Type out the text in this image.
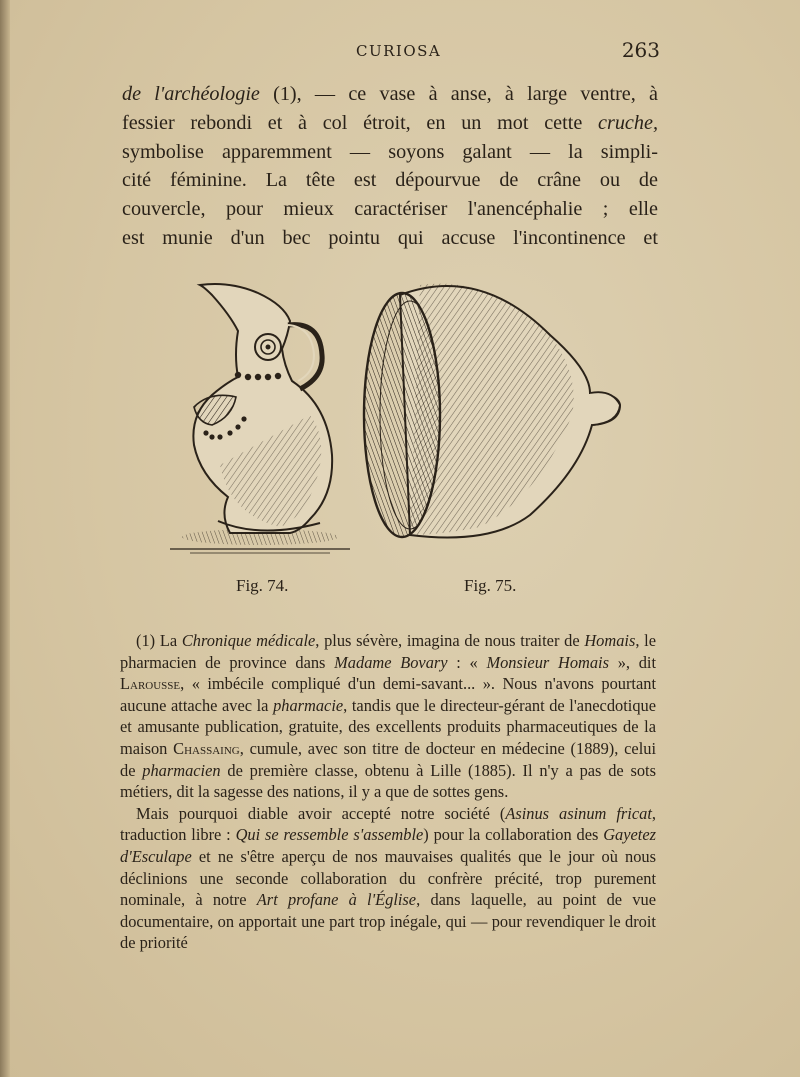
CURIOSA	263

de l'archéologie (1), — ce vase à anse, à large ventre, à

fessier rebondi et à col étroit, en un mot cette cruche,

symbolise apparemment — soyons galant — la simpli-

cité féminine. La tête est dépourvue de crâne ou de

couvercle, pour mieux caractériser l'anencéphalie ; elle

est munie d'un bec pointu qui accuse l'incontinence et

Fig. 74.	Fig. 75.

(1) La Chronique médicale, plus sévère, imagina de nous traiter de Homais, le pharmacien de province dans Madame Bovary : « Monsieur Homais », dit Larousse, « imbécile compliqué d'un demi-savant... ». Nous n'avons pourtant aucune attache avec la pharmacie, tandis que le directeur-gérant de l'anecdotique et amusante publication, gratuite, des excellents produits pharmaceutiques de la maison Chassaing, cumule, avec son titre de docteur en médecine (1889), celui de pharmacien de première classe, obtenu à Lille (1885). Il n'y a pas de sots métiers, dit la sagesse des nations, il y a que de sottes gens.

Mais pourquoi diable avoir accepté notre société (Asinus asinum fricat, traduction libre : Qui se ressemble s'assemble) pour la collaboration des Gayetez d'Esculape et ne s'être aperçu de nos mauvaises qualités que le jour où nous déclinions une seconde collaboration du confrère précité, trop purement nominale, à notre Art profane à l'Église, dans laquelle, au point de vue documentaire, on apportait une part trop inégale, qui — pour revendiquer le droit de priorité
